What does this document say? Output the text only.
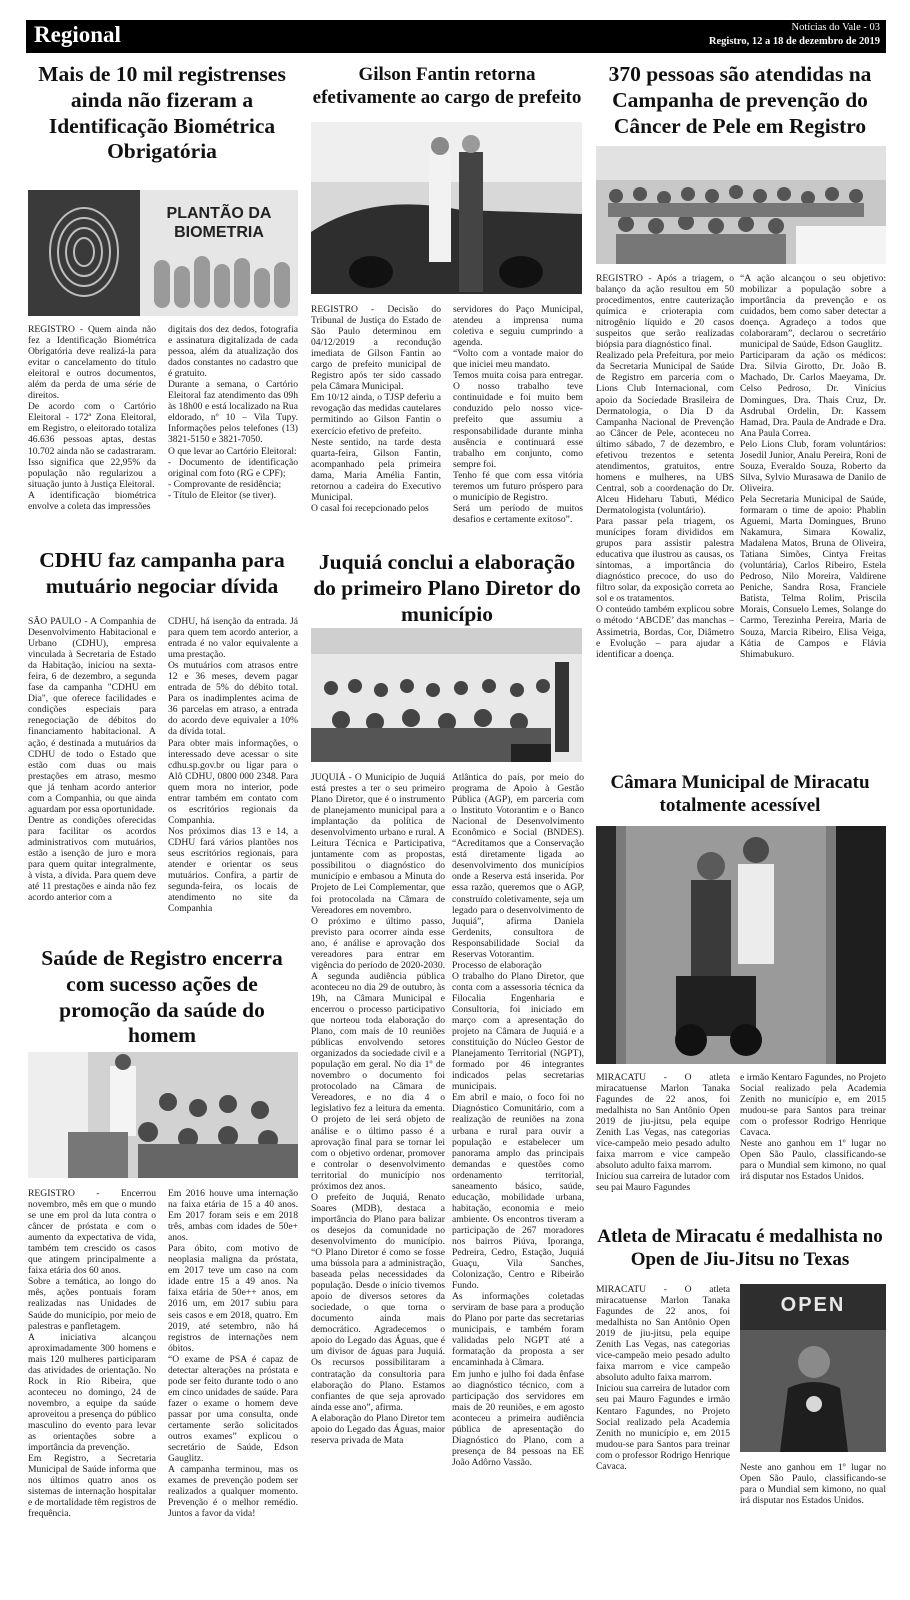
Regional	Notícias do Vale - 03
Registro, 12 a 18 de dezembro de 2019
Mais de 10 mil registrenses ainda não fizeram a Identificação Biométrica Obrigatória
PLANTÃO DA BIOMETRIA

REGISTRO - Quem ainda não fez a Identificação Biométrica Obrigatória deve realizá-la para evitar o cancelamento do título eleitoral e outros documentos, além da perda de uma série de direitos.

De acordo com o Cartório Eleitoral - 172ª Zona Eleitoral, em Registro, o eleitorado totaliza 46.636 pessoas aptas, destas 10.702 ainda não se cadastraram. Isso significa que 22,95% da população não regularizou a situação junto à Justiça Eleitoral.

A identificação biométrica envolve a coleta das impressões

digitais dos dez dedos, fotografia e assinatura digitalizada de cada pessoa, além da atualização dos dados constantes no cadastro que é gratuito.

Durante a semana, o Cartório Eleitoral faz atendimento das 09h às 18h00 e está localizado na Rua eldorado, nº 10 – Vila Tupy. Informações pelos telefones (13) 3821-5150 e 3821-7050.

O que levar ao Cartório Eleitoral:

- Documento de identificação original com foto (RG e CPF);

- Comprovante de residência;

- Título de Eleitor (se tiver).

Gilson Fantin retorna efetivamente ao cargo de prefeito

REGISTRO - Decisão do Tribunal de Justiça do Estado de São Paulo determinou em 04/12/2019 a recondução imediata de Gilson Fantin ao cargo de prefeito municipal de Registro após ter sido cassado pela Câmara Municipal.

Em 10/12 ainda, o TJSP deferiu a revogação das medidas cautelares permitindo ao Gilson Fantin o exercício efetivo de prefeito.

Neste sentido, na tarde desta quarta-feira, Gilson Fantin, acompanhado pela primeira dama, Maria Amélia Fantin, retornou a cadeira do Executivo Municipal.

O casal foi recepcionado pelos

servidores do Paço Municipal, atendeu a imprensa numa coletiva e seguiu cumprindo a agenda.

“Volto com a vontade maior do que iniciei meu mandato.

Temos muita coisa para entregar. O nosso trabalho teve continuidade e foi muito bem conduzido pelo nosso vice-prefeito que assumiu a responsabilidade durante minha ausência e continuará esse trabalho em conjunto, como sempre foi.

Tenho fé que com essa vitória teremos um futuro próspero para o município de Registro.

Será um período de muitos desafios e certamente exitoso”.

370 pessoas são atendidas na Campanha de prevenção do Câncer de Pele em Registro

REGISTRO - Após a triagem, o balanço da ação resultou em 50 procedimentos, entre cauterização química e crioterapia com nitrogênio líquido e 20 casos suspeitos que serão realizadas biópsia para diagnóstico final.

Realizado pela Prefeitura, por meio da Secretaria Municipal de Saúde de Registro em parceria com o Lions Club Internacional, com apoio da Sociedade Brasileira de Dermatologia, o Dia D da Campanha Nacional de Prevenção ao Câncer de Pele, aconteceu no último sábado, 7 de dezembro, e efetivou trezentos e setenta atendimentos, gratuitos, entre homens e mulheres, na UBS Central, sob a coordenação do Dr. Alceu Hideharu Tabuti, Médico Dermatologista (voluntário).

Para passar pela triagem, os munícipes foram divididos em grupos para assistir palestra educativa que ilustrou as causas, os sintomas, a importância do diagnóstico precoce, do uso do filtro solar, da exposição correta ao sol e os tratamentos.

O conteúdo também explicou sobre o método ‘ABCDE’ das manchas – Assimetria, Bordas, Cor, Diâmetro e Evolução – para ajudar a identificar a doença.

“A ação alcançou o seu objetivo: mobilizar a população sobre a importância da prevenção e os cuidados, bem como saber detectar a doença. Agradeço a todos que colaboraram”, declarou o secretário municipal de Saúde, Edson Gauglitz.

Participaram da ação os médicos: Dra. Silvia Girotto, Dr. João B. Machado, Dr. Carlos Maeyama, Dr. Celso Pedroso, Dr. Vinícius Domingues, Dra. Thais Cruz, Dr. Asdrubal Ordelin, Dr. Kassem Hamad, Dra. Paula de Andrade e Dra. Ana Paula Correa.

Pelo Lions Club, foram voluntários: Josedil Junior, Analu Pereira, Roni de Souza, Everaldo Souza, Roberto da Silva, Sylvio Murasawa de Danilo de Oliveira.

Pela Secretaria Municipal de Saúde, formaram o time de apoio: Phablin Aguemi, Marta Domingues, Bruno Nakamura, Simara Kowaliz, Madalena Matos, Bruna de Oliveira, Tatiana Simões, Cintya Freitas (voluntária), Carlos Ribeiro, Estela Pedroso, Nilo Moreira, Valdirene Peniche, Sandra Rosa, Franciele Batista, Telma Rolim, Priscila Morais, Consuelo Lemes, Solange do Carmo, Terezinha Pereira, Maria de Souza, Marcia Ribeiro, Elisa Veiga, Kátia de Campos e Flávia Shimabukuro.

CDHU faz campanha para mutuário negociar dívida

SÃO PAULO - A Companhia de Desenvolvimento Habitacional e Urbano (CDHU), empresa vinculada à Secretaria de Estado da Habitação, iniciou na sexta-feira, 6 de dezembro, a segunda fase da campanha "CDHU em Dia", que oferece facilidades e condições especiais para renegociação de débitos do financiamento habitacional. A ação, é destinada a mutuários da CDHU de todo o Estado que estão com duas ou mais prestações em atraso, mesmo que já tenham acordo anterior com a Companhia, ou que ainda aguardam por essa oportunidade.

Dentre as condições oferecidas para facilitar os acordos administrativos com mutuários, estão a isenção de juro e mora para quem quitar integralmente, à vista, a dívida. Para quem deve até 11 prestações e ainda não fez acordo anterior com a

CDHU, há isenção da entrada. Já para quem tem acordo anterior, a entrada é no valor equivalente a uma prestação.

Os mutuários com atrasos entre 12 e 36 meses, devem pagar entrada de 5% do débito total. Para os inadimplentes acima de 36 parcelas em atraso, a entrada do acordo deve equivaler a 10% da dívida total.

Para obter mais informações, o interessado deve acessar o site cdhu.sp.gov.br ou ligar para o Alô CDHU, 0800 000 2348. Para quem mora no interior, pode entrar também em contato com os escritórios regionais da Companhia.

Nos próximos dias 13 e 14, a CDHU fará vários plantões nos seus escritórios regionais, para atender e orientar os seus mutuários. Confira, a partir de segunda-feira, os locais de atendimento no site da Companhia

Juquiá conclui a elaboração do primeiro Plano Diretor do município

JUQUIÁ - O Município de Juquiá está prestes a ter o seu primeiro Plano Diretor, que é o instrumento de planejamento municipal para a implantação da política de desenvolvimento urbano e rural. A Leitura Técnica e Participativa, juntamente com as propostas, possibilitou o diagnóstico do município e embasou a Minuta do Projeto de Lei Complementar, que foi protocolada na Câmara de Vereadores em novembro.

O próximo e último passo, previsto para ocorrer ainda esse ano, é análise e aprovação dos vereadores para entrar em vigência do período de 2020-2030.

A segunda audiência pública aconteceu no dia 29 de outubro, às 19h, na Câmara Municipal e encerrou o processo participativo que norteou toda elaboração do Plano, com mais de 10 reuniões públicas envolvendo setores organizados da sociedade civil e a população em geral. No dia 1º de novembro o documento foi protocolado na Câmara de Vereadores, e no dia 4 o legislativo fez a leitura da ementa. O projeto de lei será objeto de análise e o último passo é a aprovação final para se tornar lei com o objetivo ordenar, promover e controlar o desenvolvimento territorial do município nos próximos dez anos.

O prefeito de Juquiá, Renato Soares (MDB), destaca a importância do Plano para balizar os desejos da comunidade no desenvolvimento do município. “O Plano Diretor é como se fosse uma bússola para a administração, baseada pelas necessidades da população. Desde o início tivemos apoio de diversos setores da sociedade, o que torna o documento ainda mais democrático. Agradecemos o apoio do Legado das Águas, que é um divisor de águas para Juquiá. Os recursos possibilitaram a contratação da consultoria para elaboração do Plano. Estamos confiantes de que seja aprovado ainda esse ano”, afirma.

A elaboração do Plano Diretor tem apoio do Legado das Águas, maior reserva privada de Mata

Atlântica do país, por meio do programa de Apoio à Gestão Pública (AGP), em parceria com o Instituto Votorantim e o Banco Nacional de Desenvolvimento Econômico e Social (BNDES). “Acreditamos que a Conservação está diretamente ligada ao desenvolvimento dos municípios onde a Reserva está inserida. Por essa razão, queremos que o AGP, construído coletivamente, seja um legado para o desenvolvimento de Juquiá”, afirma Daniela Gerdenits, consultora de Responsabilidade Social da Reservas Votorantim.

Processo de elaboração

O trabalho do Plano Diretor, que conta com a assessoria técnica da Filocalia Engenharia e Consultoria, foi iniciado em março com a apresentação do projeto na Câmara de Juquiá e a constituição do Núcleo Gestor de Planejamento Territorial (NGPT), formado por 46 integrantes indicados pelas secretarias municipais.

Em abril e maio, o foco foi no Diagnóstico Comunitário, com a realização de reuniões na zona urbana e rural para ouvir a população e estabelecer um panorama amplo das principais demandas e questões como ordenamento territorial, saneamento básico, saúde, educação, mobilidade urbana, habitação, economia e meio ambiente. Os encontros tiveram a participação de 267 moradores nos bairros Piúva, Iporanga, Pedreira, Cedro, Estação, Juquiá Guaçu, Vila Sanches, Colonização, Centro e Ribeirão Fundo.

As informações coletadas serviram de base para a produção do Plano por parte das secretarias municipais, e também foram validadas pelo NGPT até a formatação da proposta a ser encaminhada à Câmara.

Em junho e julho foi dada ênfase ao diagnóstico técnico, com a participação dos servidores em mais de 20 reuniões, e em agosto aconteceu a primeira audiência pública de apresentação do Diagnóstico do Plano, com a presença de 84 pessoas na EE João Adôrno Vassão.

Saúde de Registro encerra com sucesso ações de promoção da saúde do homem

REGISTRO - Encerrou novembro, mês em que o mundo se une em prol da luta contra o câncer de próstata e com o aumento da expectativa de vida, também tem crescido os casos que atingem principalmente a faixa etária dos 60 anos.

Sobre a temática, ao longo do mês, ações pontuais foram realizadas nas Unidades de Saúde do município, por meio de palestras e panfletagem.

A iniciativa alcançou aproximadamente 300 homens e mais 120 mulheres participaram das atividades de orientação. No Rock in Rio Ribeira, que aconteceu no domingo, 24 de novembro, a equipe da saúde aproveitou a presença do público masculino do evento para levar as orientações sobre a importância da prevenção.

Em Registro, a Secretaria Municipal de Saúde informa que nos últimos quatro anos os sistemas de internação hospitalar e de mortalidade têm registros de frequência.

Em 2016 houve uma internação na faixa etária de 15 a 40 anos. Em 2017 foram seis e em 2018 três, ambas com idades de 50e+ anos.

Para óbito, com motivo de neoplasia maligna da próstata, em 2017 teve um caso na com idade entre 15 a 49 anos. Na faixa etária de 50e++ anos, em 2016 um, em 2017 subiu para seis casos e em 2018, quatro. Em 2019, até setembro, não há registros de internações nem óbitos.

“O exame de PSA é capaz de detectar alterações na próstata e pode ser feito durante todo o ano em cinco unidades de saúde. Para fazer o exame o homem deve passar por uma consulta, onde certamente serão solicitados outros exames” explicou o secretário de Saúde, Edson Gauglitz.

A campanha terminou, mas os exames de prevenção podem ser realizados a qualquer momento. Prevenção é o melhor remédio. Juntos a favor da vida!

Câmara Municipal de Miracatu totalmente acessível

MIRACATU - O atleta miracatuense Marlon Tanaka Fagundes de 22 anos, foi medalhista no San Antônio Open 2019 de jiu-jitsu, pela equipe Zenith Las Vegas, nas categorias vice-campeão meio pesado adulto faixa marrom e vice campeão absoluto adulto faixa marrom.

Iniciou sua carreira de lutador com seu pai Mauro Fagundes

e irmão Kentaro Fagundes, no Projeto Social realizado pela Academia Zenith no município e, em 2015 mudou-se para Santos para treinar com o professor Rodrigo Henrique Cavaca.

Neste ano ganhou em 1º lugar no Open São Paulo, classificando-se para o Mundial sem kimono, no qual irá disputar nos Estados Unidos.

Atleta de Miracatu é medalhista no Open de Jiu-Jitsu no Texas

MIRACATU - O atleta miracatuense Marlon Tanaka Fagundes de 22 anos, foi medalhista no San Antônio Open 2019 de jiu-jitsu, pela equipe Zenith Las Vegas, nas categorias vice-campeão meio pesado adulto faixa marrom e vice campeão absoluto adulto faixa marrom.

Iniciou sua carreira de lutador com seu pai Mauro Fagundes e irmão Kentaro Fagundes, no Projeto Social realizado pela Academia Zenith no município e, em 2015 mudou-se para Santos para treinar com o professor Rodrigo Henrique Cavaca.

OPEN

Neste ano ganhou em 1º lugar no Open São Paulo, classificando-se para o Mundial sem kimono, no qual irá disputar nos Estados Unidos.
